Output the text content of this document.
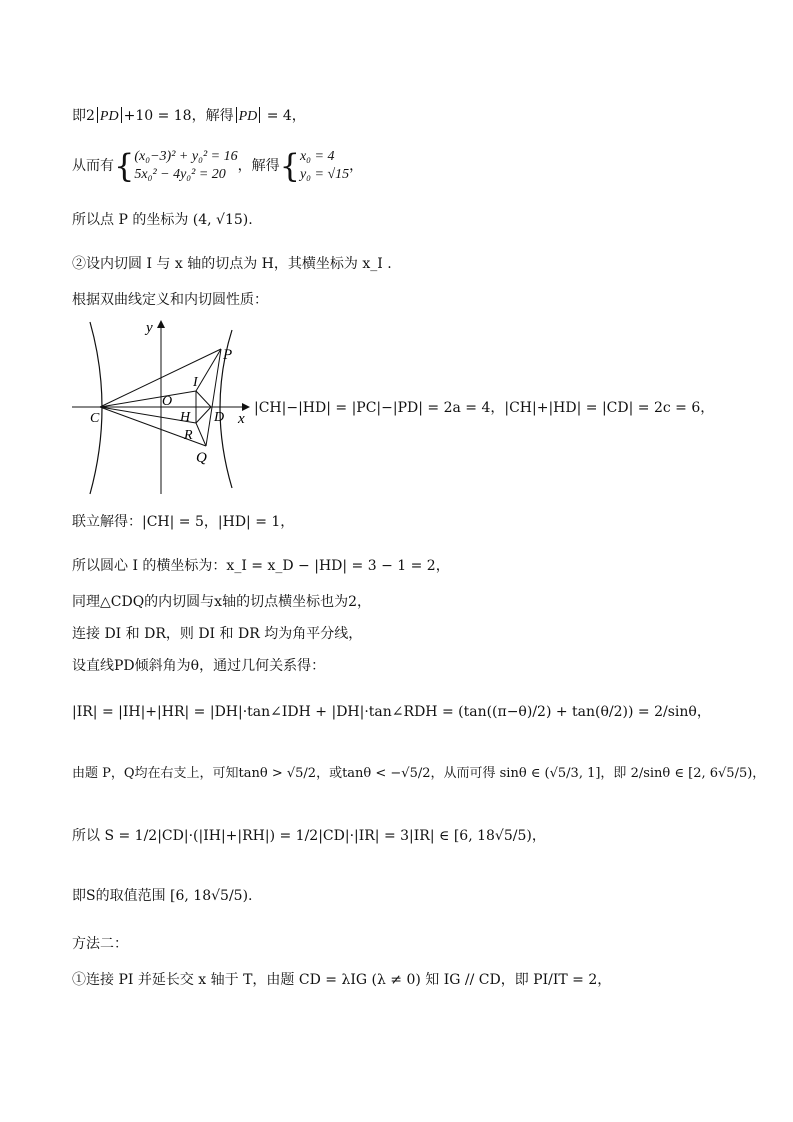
即2 PD +10 = 18，解得 PD = 4，
从而有{(x₀−3)² + y₀² = 16
5x₀² − 4y₀² = 20，解得{x₀ = 4
y₀ = √15，
所以点 P 的坐标为 (4, √15).
②设内切圆 I 与 x 轴的切点为 H，其横坐标为 x_I .
根据双曲线定义和内切圆性质：
y
x
O
C	H D
I
R
P
Q
|CH|−|HD| = |PC|−|PD| = 2a = 4，|CH|+|HD| = |CD| = 2c = 6，
联立解得：|CH| = 5，|HD| = 1，
所以圆心 I 的横坐标为：x_I = x_D − |HD| = 3 − 1 = 2，
同理△CDQ的内切圆与x轴的切点横坐标也为2，
连接 DI 和 DR，则 DI 和 DR 均为角平分线，
设直线PD倾斜角为θ，通过几何关系得：
|IR| = |IH|+|HR| = |DH|·tan∠IDH + |DH|·tan∠RDH = (tan((π−θ)/2) + tan(θ/2)) = 2/sinθ，
由题 P，Q均在右支上，可知tanθ > √5/2，或tanθ < −√5/2，从而可得 sinθ ∈ (√5/3, 1]，即 2/sinθ ∈ [2, 6√5/5)，
所以 S = 1/2|CD|·(|IH|+|RH|) = 1/2|CD|·|IR| = 3|IR| ∈ [6, 18√5/5)，
即S的取值范围 [6, 18√5/5).
方法二：
①连接 PI 并延长交 x 轴于 T，由题 CD = λIG (λ ≠ 0) 知 IG // CD，即 PI/IT = 2，
